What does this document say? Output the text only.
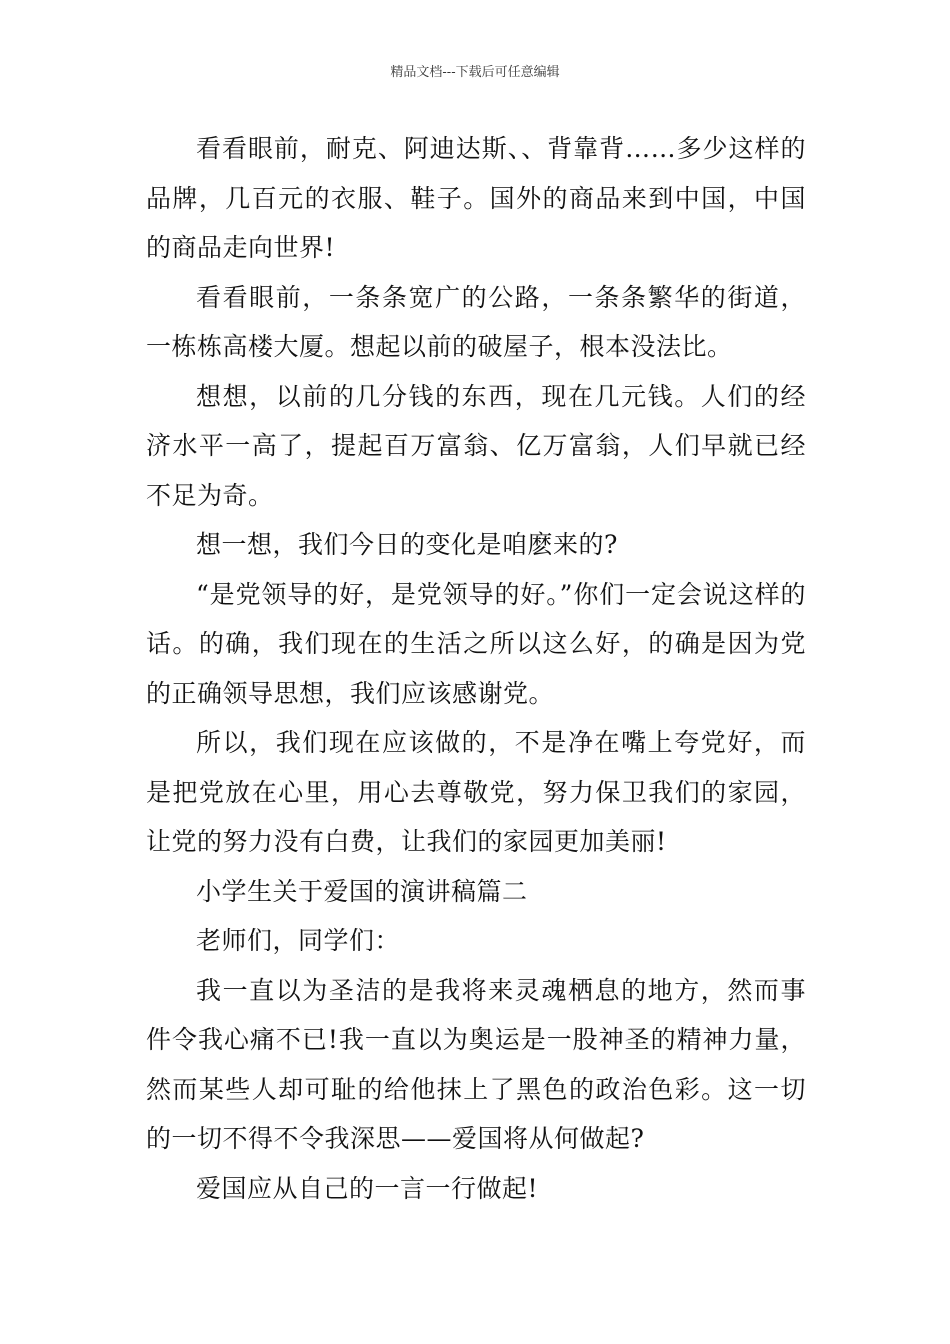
精品文档---下载后可任意编辑

看看眼前，耐克、阿迪达斯、、背靠背……多少这样的品牌，几百元的衣服、鞋子。国外的商品来到中国，中国的商品走向世界!

看看眼前，一条条宽广的公路，一条条繁华的街道，一栋栋高楼大厦。想起以前的破屋子，根本没法比。

想想，以前的几分钱的东西，现在几元钱。人们的经济水平一高了，提起百万富翁、亿万富翁，人们早就已经不足为奇。

想一想，我们今日的变化是咱麽来的?

“是党领导的好，是党领导的好。”你们一定会说这样的话。的确，我们现在的生活之所以这么好，的确是因为党的正确领导思想，我们应该感谢党。

所以，我们现在应该做的，不是净在嘴上夸党好，而是把党放在心里，用心去尊敬党，努力保卫我们的家园，让党的努力没有白费，让我们的家园更加美丽!

小学生关于爱国的演讲稿篇二

老师们，同学们：

我一直以为圣洁的是我将来灵魂栖息的地方，然而事件令我心痛不已!我一直以为奥运是一股神圣的精神力量，然而某些人却可耻的给他抹上了黑色的政治色彩。这一切的一切不得不令我深思——爱国将从何做起?

爱国应从自己的一言一行做起!
